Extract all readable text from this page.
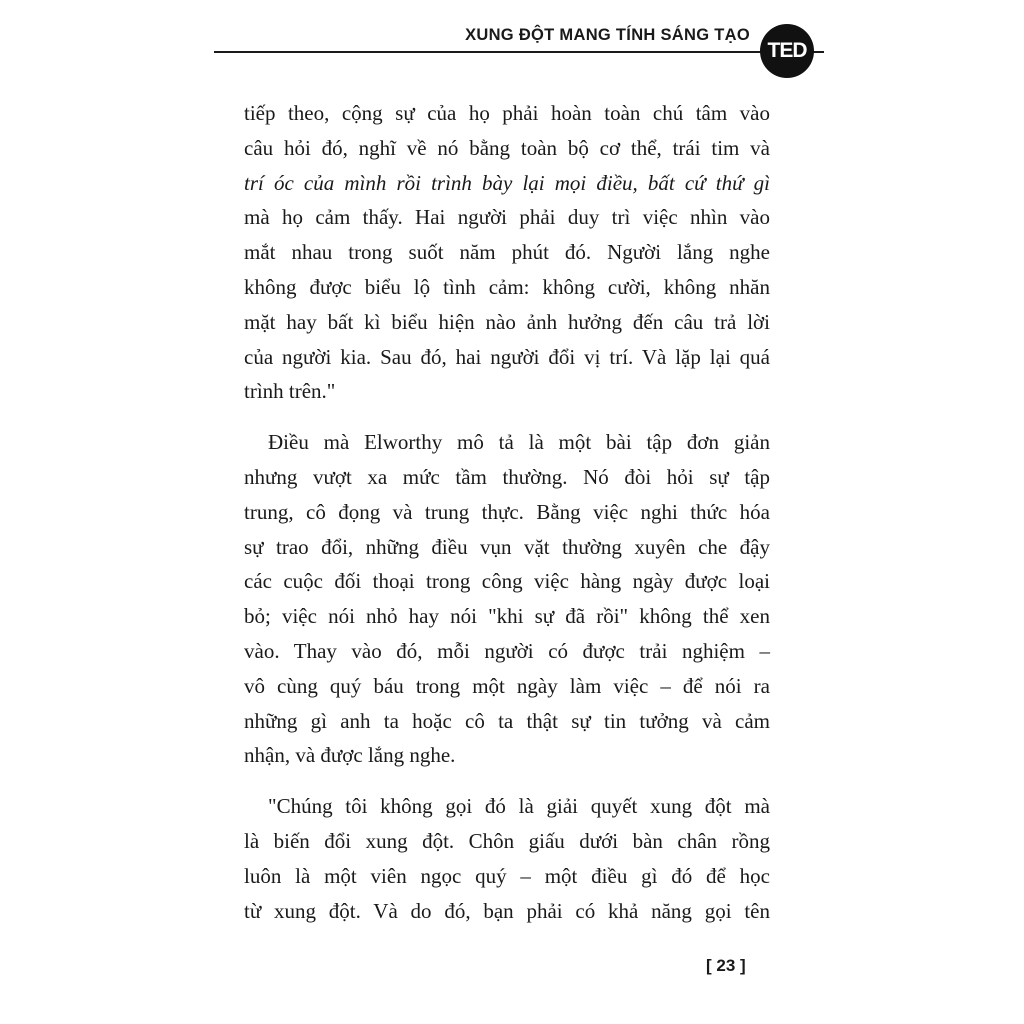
XUNG ĐỘT MANG TÍNH SÁNG TẠO
TED
tiếp theo, cộng sự của họ phải hoàn toàn chú tâm vào
câu hỏi đó, nghĩ về nó bằng toàn bộ cơ thể, trái tim và
trí óc của mình rồi trình bày lại mọi điều, bất cứ thứ gì
mà họ cảm thấy. Hai người phải duy trì việc nhìn vào
mắt nhau trong suốt năm phút đó. Người lắng nghe
không được biểu lộ tình cảm: không cười, không nhăn
mặt hay bất kì biểu hiện nào ảnh hưởng đến câu trả lời
của người kia. Sau đó, hai người đổi vị trí. Và lặp lại quá
trình trên."
Điều mà Elworthy mô tả là một bài tập đơn giản
nhưng vượt xa mức tầm thường. Nó đòi hỏi sự tập
trung, cô đọng và trung thực. Bằng việc nghi thức hóa
sự trao đổi, những điều vụn vặt thường xuyên che đậy
các cuộc đối thoại trong công việc hàng ngày được loại
bỏ; việc nói nhỏ hay nói "khi sự đã rồi" không thể xen
vào. Thay vào đó, mỗi người có được trải nghiệm –
vô cùng quý báu trong một ngày làm việc – để nói ra
những gì anh ta hoặc cô ta thật sự tin tưởng và cảm
nhận, và được lắng nghe.
"Chúng tôi không gọi đó là giải quyết xung đột mà
là biến đổi xung đột. Chôn giấu dưới bàn chân rồng
luôn là một viên ngọc quý – một điều gì đó để học
từ xung đột. Và do đó, bạn phải có khả năng gọi tên
[ 23 ]
